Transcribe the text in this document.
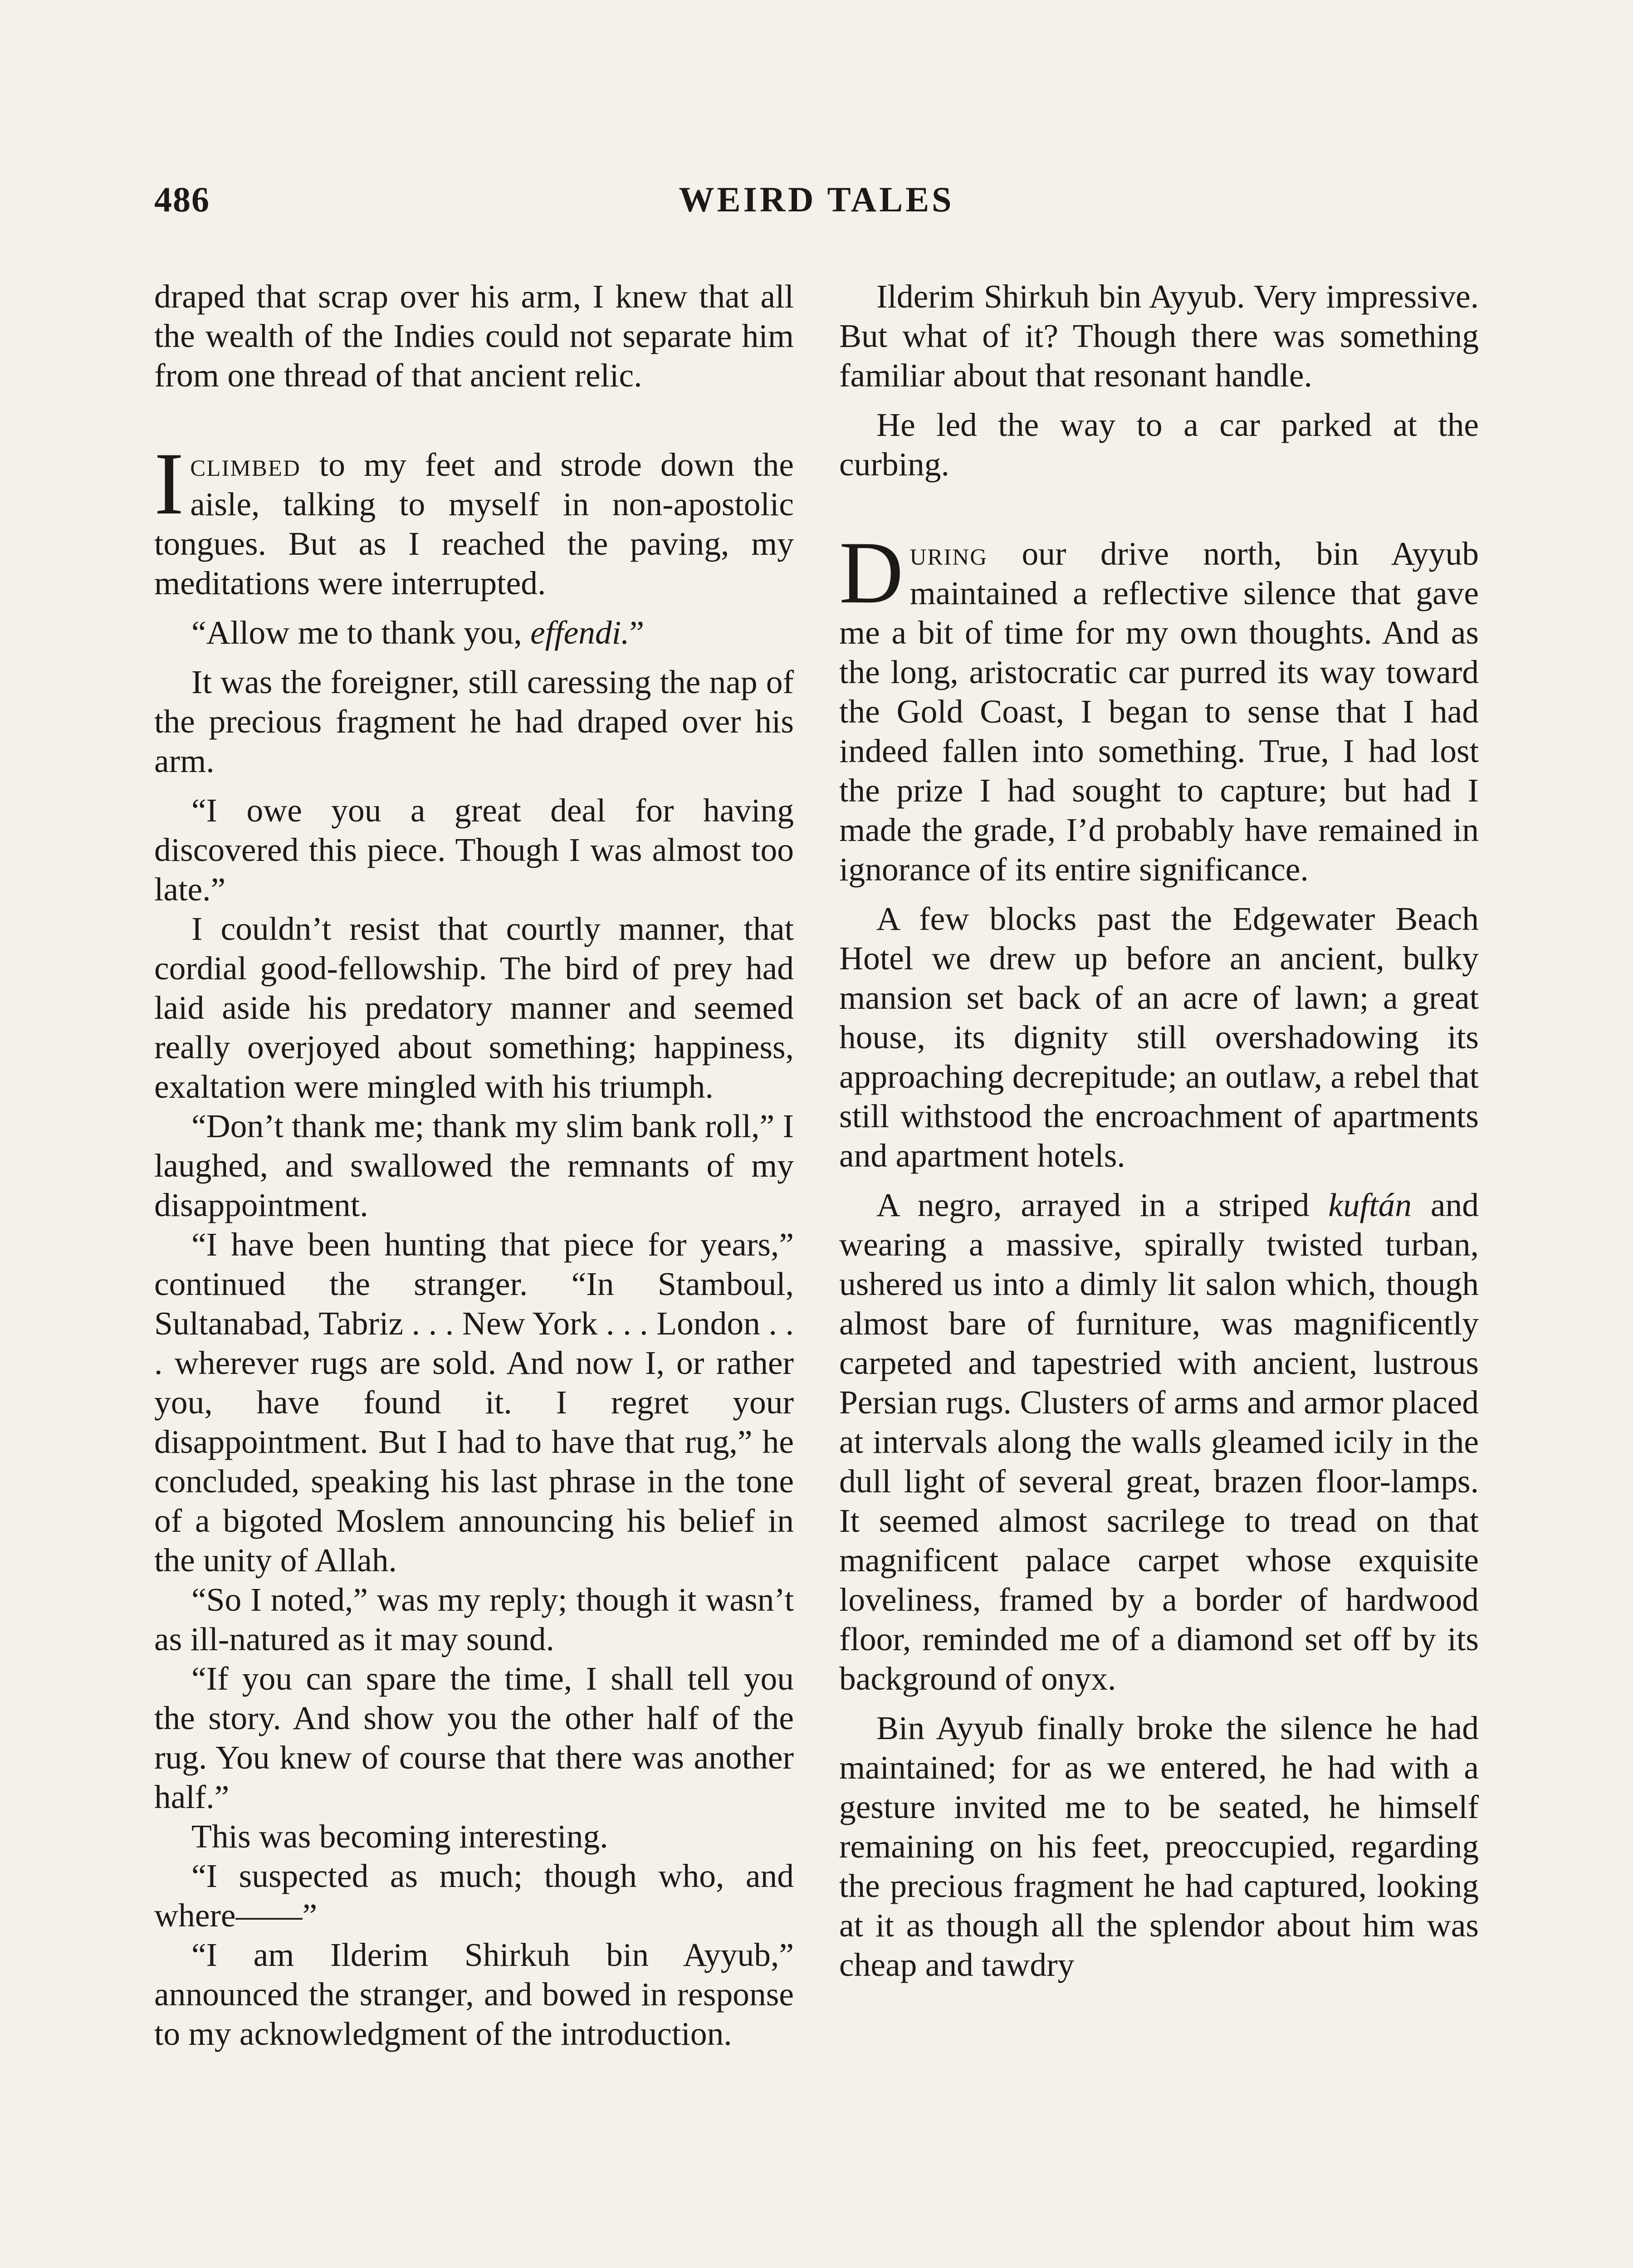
486	WEIRD TALES

draped that scrap over his arm, I knew that all the wealth of the Indies could not separate him from one thread of that ancient relic.

Iclimbed to my feet and strode down the aisle, talking to myself in non-apostolic tongues. But as I reached the paving, my meditations were interrupted.

“Allow me to thank you, effendi.”

It was the foreigner, still caressing the nap of the precious fragment he had draped over his arm.

“I owe you a great deal for having discovered this piece. Though I was almost too late.”

I couldn’t resist that courtly manner, that cordial good-fellowship. The bird of prey had laid aside his predatory manner and seemed really overjoyed about something; happiness, exaltation were mingled with his triumph.

“Don’t thank me; thank my slim bank roll,” I laughed, and swallowed the remnants of my disappointment.

“I have been hunting that piece for years,” continued the stranger. “In Stamboul, Sultanabad, Tabriz . . . New York . . . London . . . wherever rugs are sold. And now I, or rather you, have found it. I regret your disappointment. But I had to have that rug,” he concluded, speaking his last phrase in the tone of a bigoted Moslem announcing his belief in the unity of Allah.

“So I noted,” was my reply; though it wasn’t as ill-natured as it may sound.

“If you can spare the time, I shall tell you the story. And show you the other half of the rug. You knew of course that there was another half.”

This was becoming interesting.

“I suspected as much; though who, and where——”

“I am Ilderim Shirkuh bin Ayyub,” announced the stranger, and bowed in response to my acknowledgment of the introduction.

Ilderim Shirkuh bin Ayyub. Very impressive. But what of it? Though there was something familiar about that resonant handle.

He led the way to a car parked at the curbing.

During our drive north, bin Ayyub maintained a reflective silence that gave me a bit of time for my own thoughts. And as the long, aristocratic car purred its way toward the Gold Coast, I began to sense that I had indeed fallen into something. True, I had lost the prize I had sought to capture; but had I made the grade, I’d probably have remained in ignorance of its entire significance.

A few blocks past the Edgewater Beach Hotel we drew up before an ancient, bulky mansion set back of an acre of lawn; a great house, its dignity still overshadowing its approaching decrepitude; an outlaw, a rebel that still withstood the encroachment of apartments and apartment hotels.

A negro, arrayed in a striped kuftán and wearing a massive, spirally twisted turban, ushered us into a dimly lit salon which, though almost bare of furniture, was magnificently carpeted and tapestried with ancient, lustrous Persian rugs. Clusters of arms and armor placed at intervals along the walls gleamed icily in the dull light of several great, brazen floor-lamps. It seemed almost sacrilege to tread on that magnificent palace carpet whose exquisite loveliness, framed by a border of hardwood floor, reminded me of a diamond set off by its background of onyx.

Bin Ayyub finally broke the silence he had maintained; for as we entered, he had with a gesture invited me to be seated, he himself remaining on his feet, preoccupied, regarding the precious fragment he had captured, looking at it as though all the splendor about him was cheap and tawdry
